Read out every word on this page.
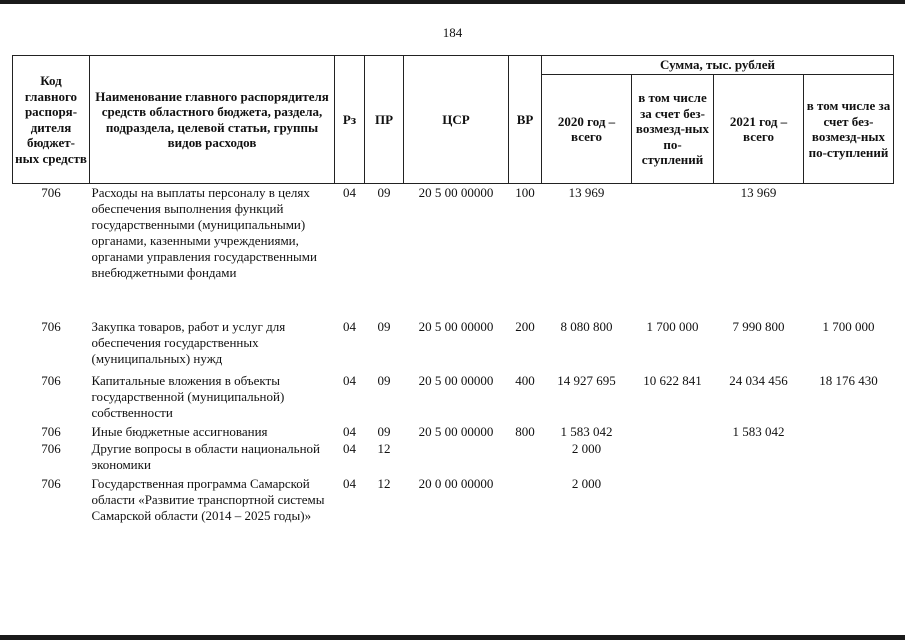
184
Код главного распоря-дителя бюджет-ных средств	Наименование главного распорядителя средств областного бюджета, раздела, подраздела, целевой статьи, группы видов расходов	Рз	ПР	ЦСР	ВР	Сумма, тыс. рублей			
						2020 год – всего	в том числе за счет без-возмезд-ных по-ступлений	2021 год – всего	в том числе за счет без-возмезд-ных по-ступлений
706	Расходы на выплаты персоналу в целях обеспечения выполнения функций государственными (муниципальными) органами, казенными учреждениями, органами управления государственными внебюджетными фондами	04	09	20 5 00 00000	100	13 969		13 969	
706	Закупка товаров, работ и услуг для обеспечения государственных (муниципальных) нужд	04	09	20 5 00 00000	200	8 080 800	1 700 000	7 990 800	1 700 000
706	Капитальные вложения в объекты государственной (муниципальной) собственности	04	09	20 5 00 00000	400	14 927 695	10 622 841	24 034 456	18 176 430
706	Иные бюджетные ассигнования	04	09	20 5 00 00000	800	1 583 042		1 583 042	
706	Другие вопросы в области национальной экономики	04	12			2 000			
706	Государственная программа Самарской области «Развитие транспортной системы Самарской области (2014 – 2025 годы)»	04	12	20 0 00 00000		2 000			
